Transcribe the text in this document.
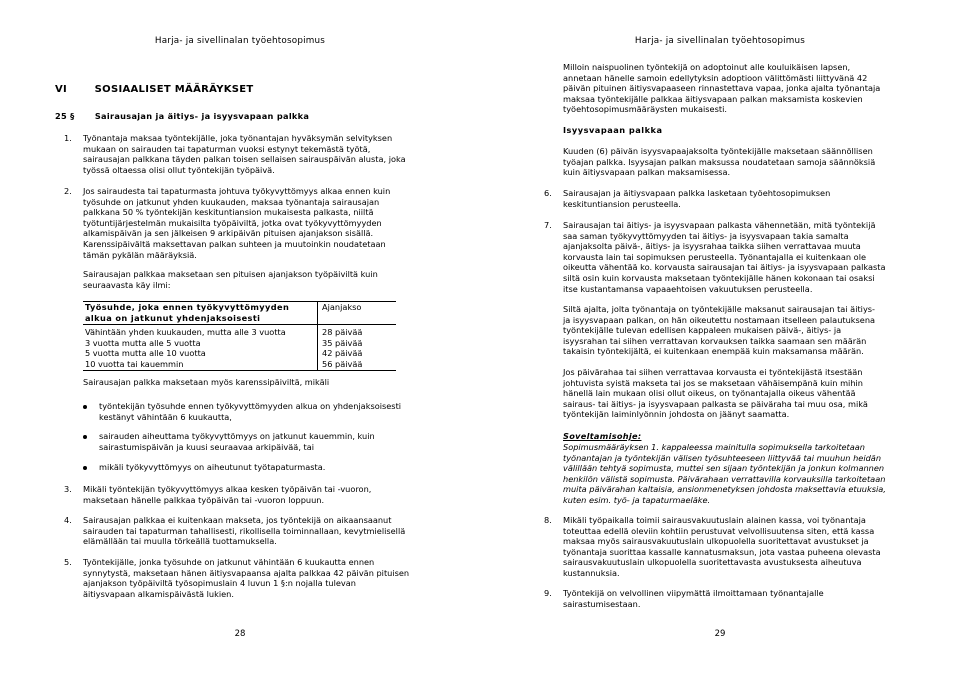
Harja- ja sivellinalan työehtosopimus
VI	SOSIAALISET MÄÄRÄYKSET
25 § Sairausajan ja äitiys- ja isyysvapaan palkka
1. Työnantaja maksaa työntekijälle, joka työnantajan hyväksymän selvityksen
mukaan on sairauden tai tapaturman vuoksi estynyt tekemästä työtä,
sairausajan palkkana täyden palkan toisen sellaisen sairauspäivän alusta, joka
työssä oltaessa olisi ollut työntekijän työpäivä.
2. Jos sairaudesta tai tapaturmasta johtuva työkyvyttömyys alkaa ennen kuin
työsuhde on jatkunut yhden kuukauden, maksaa työnantaja sairausajan
palkkana 50 % työntekijän keskituntiansion mukaisesta palkasta, niiltä
työtuntijärjestelmän mukaisilta työpäiviltä, jotka ovat työkyvyttömyyden
alkamispäivän ja sen jälkeisen 9 arkipäivän pituisen ajanjakson sisällä.
Karenssipäivältä maksettavan palkan suhteen ja muutoinkin noudatetaan
tämän pykälän määräyksiä.
Sairausajan palkkaa maksetaan sen pituisen ajanjakson työpäiviltä kuin
seuraavasta käy ilmi:
Työsuhde, joka ennen työkyvyttömyyden
alkua on jatkunut yhdenjaksoisesti	Ajanjakso
Vähintään yhden kuukauden, mutta alle 3 vuotta	28 päivää
3 vuotta mutta alle 5 vuotta	35 päivää
5 vuotta mutta alle 10 vuotta	42 päivää
10 vuotta tai kauemmin	56 päivää
Sairausajan palkka maksetaan myös karenssipäiviltä, mikäli
työntekijän työsuhde ennen työkyvyttömyyden alkua on yhdenjaksoisesti
kestänyt vähintään 6 kuukautta,
sairauden aiheuttama työkyvyttömyys on jatkunut kauemmin, kuin
sairastumispäivän ja kuusi seuraavaa arkipäivää, tai
mikäli työkyvyttömyys on aiheutunut työtapaturmasta.
3. Mikäli työntekijän työkyvyttömyys alkaa kesken työpäivän tai -vuoron,
maksetaan hänelle palkkaa työpäivän tai -vuoron loppuun.
4. Sairausajan palkkaa ei kuitenkaan makseta, jos työntekijä on aikaansaanut
sairauden tai tapaturman tahallisesti, rikollisella toiminnallaan, kevytmielisellä
elämällään tai muulla törkeällä tuottamuksella.
5. Työntekijälle, jonka työsuhde on jatkunut vähintään 6 kuukautta ennen
synnytystä, maksetaan hänen äitiysvapaansa ajalta palkkaa 42 päivän pituisen
ajanjakson työpäiviltä työsopimuslain 4 luvun 1 §:n nojalla tulevan
äitiysvapaan alkamispäivästä lukien.
28
Harja- ja sivellinalan työehtosopimus
Milloin naispuolinen työntekijä on adoptoinut alle kouluikäisen lapsen,
annetaan hänelle samoin edellytyksin adoptioon välittömästi liittyvänä 42
päivän pituinen äitiysvapaaseen rinnastettava vapaa, jonka ajalta työnantaja
maksaa työntekijälle palkkaa äitiysvapaan palkan maksamista koskevien
työehtosopimusmääräysten mukaisesti.
Isyysvapaan palkka
Kuuden (6) päivän isyysvapaajaksolta työntekijälle maksetaan säännöllisen
työajan palkka. Isyysajan palkan maksussa noudatetaan samoja säännöksiä
kuin äitiysvapaan palkan maksamisessa.
6. Sairausajan ja äitiysvapaan palkka lasketaan työehtosopimuksen
keskituntiansion perusteella.
7. Sairausajan tai äitiys- ja isyysvapaan palkasta vähennetään, mitä työntekijä
saa saman työkyvyttömyyden tai äitiys- ja isyysvapaan takia samalta
ajanjaksolta päivä-, äitiys- ja isyysrahaa taikka siihen verrattavaa muuta
korvausta lain tai sopimuksen perusteella. Työnantajalla ei kuitenkaan ole
oikeutta vähentää ko. korvausta sairausajan tai äitiys- ja isyysvapaan palkasta
siltä osin kuin korvausta maksetaan työntekijälle hänen kokonaan tai osaksi
itse kustantamansa vapaaehtoisen vakuutuksen perusteella.
Siltä ajalta, jolta työnantaja on työntekijälle maksanut sairausajan tai äitiys-
ja isyysvapaan palkan, on hän oikeutettu nostamaan itselleen palautuksena
työntekijälle tulevan edellisen kappaleen mukaisen päivä-, äitiys- ja
isyysrahan tai siihen verrattavan korvauksen taikka saamaan sen määrän
takaisin työntekijältä, ei kuitenkaan enempää kuin maksamansa määrän.
Jos päivärahaa tai siihen verrattavaa korvausta ei työntekijästä itsestään
johtuvista syistä makseta tai jos se maksetaan vähäisempänä kuin mihin
hänellä lain mukaan olisi ollut oikeus, on työnantajalla oikeus vähentää
sairaus- tai äitiys- ja isyysvapaan palkasta se päiväraha tai muu osa, mikä
työntekijän laiminlyönnin johdosta on jäänyt saamatta.
Soveltamisohje:
Sopimusmääräyksen 1. kappaleessa mainitulla sopimuksella tarkoitetaan
työnantajan ja työntekijän välisen työsuhteeseen liittyvää tai muuhun heidän
välillään tehtyä sopimusta, muttei sen sijaan työntekijän ja jonkun kolmannen
henkilön välistä sopimusta. Päivärahaan verrattavilla korvauksilla tarkoitetaan
muita päivärahan kaltaisia, ansionmenetyksen johdosta maksettavia etuuksia,
kuten esim. työ- ja tapaturmaeläke.
8. Mikäli työpaikalla toimii sairausvakuutuslain alainen kassa, voi työnantaja
toteuttaa edellä oleviin kohtiin perustuvat velvollisuutensa siten, että kassa
maksaa myös sairausvakuutuslain ulkopuolella suoritettavat avustukset ja
työnantaja suorittaa kassalle kannatusmaksun, jota vastaa puheena olevasta
sairausvakuutuslain ulkopuolella suoritettavasta avustuksesta aiheutuva
kustannuksia.
9. Työntekijä on velvollinen viipymättä ilmoittamaan työnantajalle
sairastumisestaan.
29
